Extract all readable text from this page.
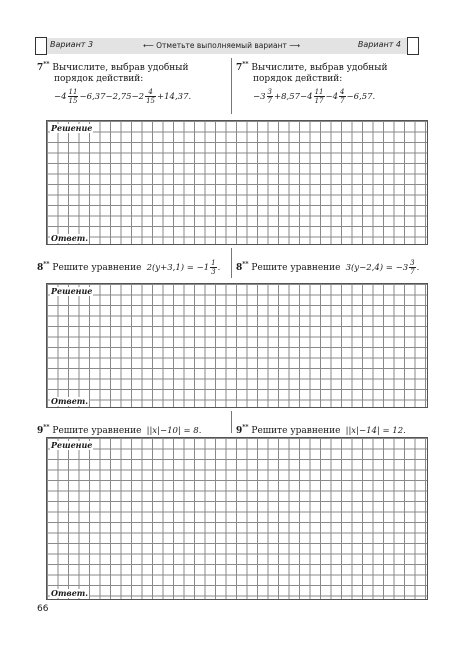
Вариант 3	⟵ Отметьте выполняемый вариант ⟶	Вариант 4
7** Вычислите, выбрав удобный
порядок действий:
$-4 \frac{11}{15} -6,37-2,75-2 \frac{4}{15} +14,37$.
7** Вычислите, выбрав удобный
порядок действий:
$-3 \frac{3}{7} +8,57-4 \frac{11}{17} -4 \frac{4}{7} -6,57$.
Решение
Ответ.
8** Решите уравнение $2(y+3,1) = -1 \frac{1}{3}$ .	8** Решите уравнение $3(y-2,4) = -3 \frac{3}{7}$ .
Решение
Ответ.
9** Решите уравнение ||x|−10| = 8.	9** Решите уравнение ||x|−14| = 12.
Решение
Ответ.
66
